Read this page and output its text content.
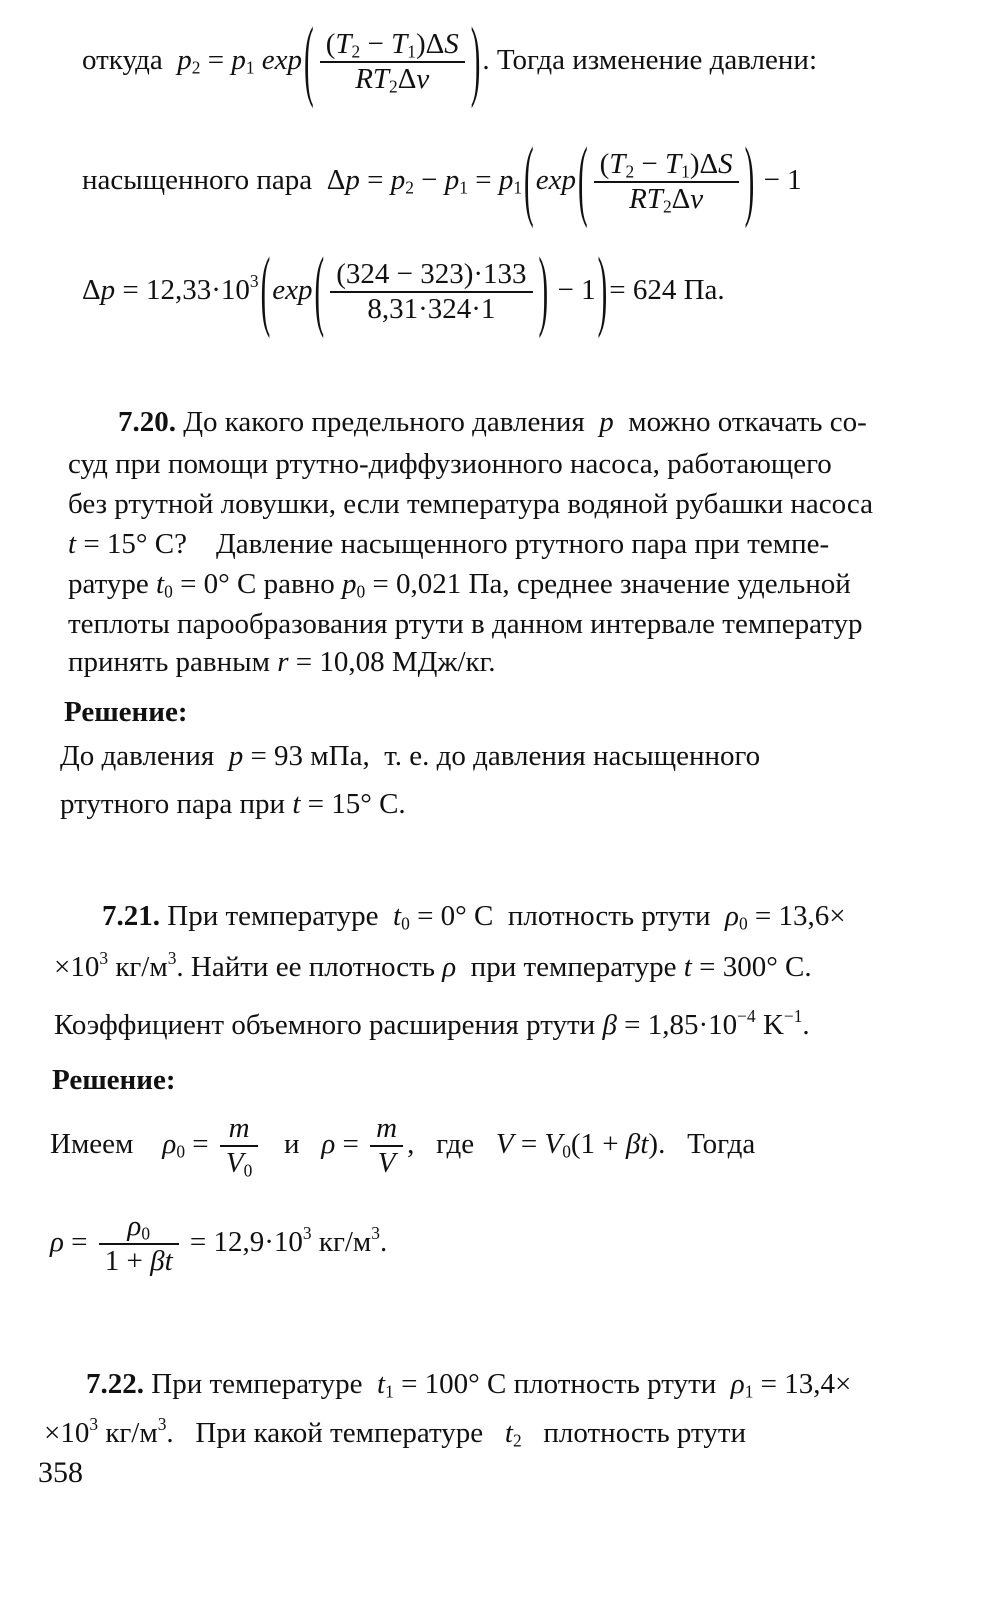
откуда $p_2 = p_1$ $\exp( \frac{(T_2 - T_1)\Delta S}{RT_2\Delta\nu}$ ). Тогда изменение давлени:
насыщенного пара  $\Delta p = p_2 - p_1 = p_1(\exp( \frac{(T_2 - T_1)\Delta S}{RT_2\Delta\nu}$ ) − 1
$\Delta p = 12,33\cdot 10^3(\exp( \frac{(324 - 323)\cdot 133}{8,31\cdot 324\cdot 1}$ ) − 1)= 624 Па.
7.20. До какого предельного давления p можно откачать со-
суд при помощи ртутно-диффузионного насоса, работающего
без ртутной ловушки, если температура водяной рубашки насоса
t = 15° C?    Давление насыщенного ртутного пара при темпе-
ратуре $t_0 = 0^\circ$ C равно $p_0 = 0,021$ Па, среднее значение удельной
теплоты парообразования ртути в данном интервале температур
принять равным r = 10,08 МДж/кг.
Решение:
До давления p = 93 мПа,  т. е. до давления насыщенного
ртутного пара при t = 15° C.
7.21. При температуре $t_0 = 0^\circ$ C  плотность ртути $\rho_0 = 13,6\times$
$\times 10^3$ $кг/м^3$. Найти ее плотность ρ при температуре t = 300° C.
Коэффициент объемного расширения ртути $\beta = 1,85\cdot 10^{-4}$ $K^{-1}$.
Решение:
Имеем $\rho_0 = \frac{m}{V_0}$ и $\rho = \frac{m}{V}$ ,   где $V = V_0(1 + \beta t)$.   Тогда
$\rho = \frac{\rho_0}{1 + \beta t} = 12,9\cdot 10^3$ $кг/м^3$.
7.22. При температуре $t_1 = 100^\circ$ C плотность ртути $\rho_1 = 13,4\times$
$\times 10^3$ $кг/м^3$.   При какой температуре $t_2$ плотность ртути
358
